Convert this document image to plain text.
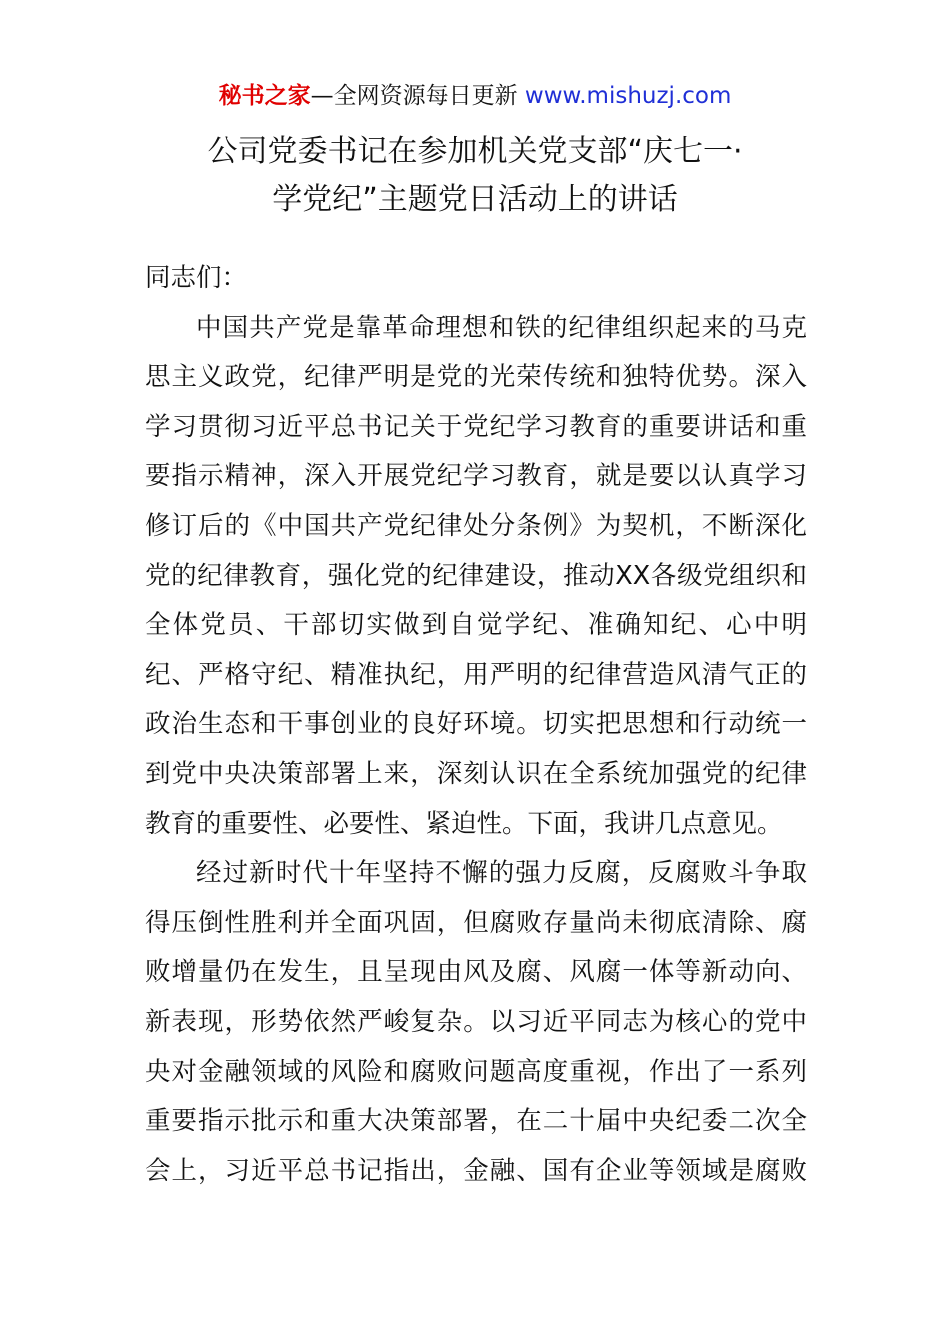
秘书之家—全网资源每日更新 www.mishuzj.com
公司党委书记在参加机关党支部“庆七一·
学党纪”主题党日活动上的讲话
同志们：
中国共产党是靠革命理想和铁的纪律组织起来的马克
思主义政党，纪律严明是党的光荣传统和独特优势。深入
学习贯彻习近平总书记关于党纪学习教育的重要讲话和重
要指示精神，深入开展党纪学习教育，就是要以认真学习
修订后的《中国共产党纪律处分条例》为契机，不断深化
党的纪律教育，强化党的纪律建设，推动XX各级党组织和
全体党员、干部切实做到自觉学纪、准确知纪、心中明
纪、严格守纪、精准执纪，用严明的纪律营造风清气正的
政治生态和干事创业的良好环境。切实把思想和行动统一
到党中央决策部署上来，深刻认识在全系统加强党的纪律
教育的重要性、必要性、紧迫性。下面，我讲几点意见。
经过新时代十年坚持不懈的强力反腐，反腐败斗争取
得压倒性胜利并全面巩固，但腐败存量尚未彻底清除、腐
败增量仍在发生，且呈现由风及腐、风腐一体等新动向、
新表现，形势依然严峻复杂。以习近平同志为核心的党中
央对金融领域的风险和腐败问题高度重视，作出了一系列
重要指示批示和重大决策部署，在二十届中央纪委二次全
会上，习近平总书记指出，金融、国有企业等领域是腐败
